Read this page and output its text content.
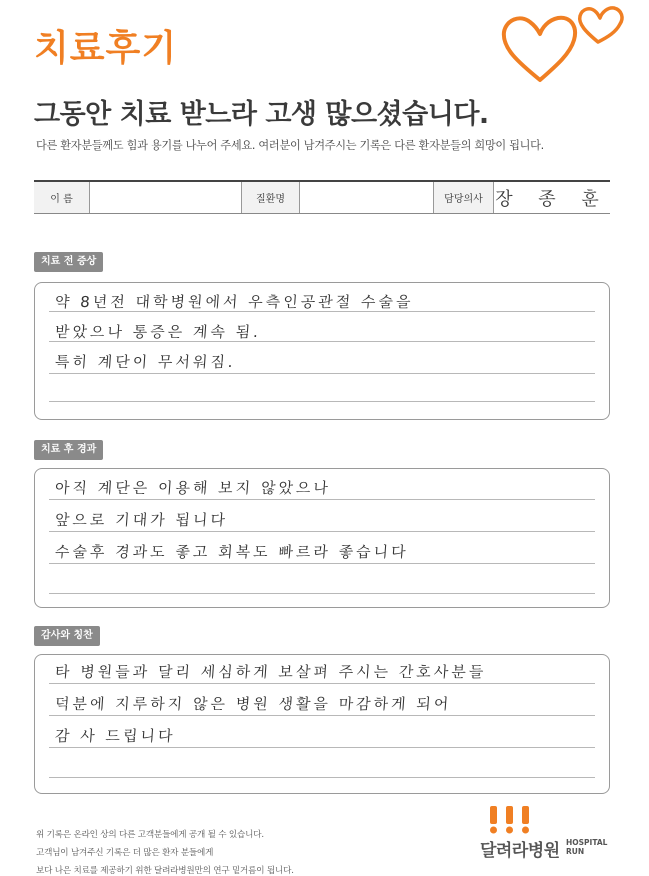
치료후기
그동안 치료 받느라 고생 많으셨습니다.
다른 환자분들께도 힘과 용기를 나누어 주세요. 여러분이 남겨주시는 기록은 다른 환자분들의 희망이 됩니다.
이 름	질환명	담당의사 장 종 훈
치료 전 증상
약 8년전 대학병원에서 우측인공관절 수술을
받았으나 통증은 계속 됨.
특히 계단이 무서워짐.
치료 후 경과
아직 계단은 이용해 보지 않았으나
앞으로 기대가 됩니다
수술후 경과도 좋고 회복도 빠르라 좋습니다
감사와 칭찬
타 병원들과 달리 세심하게 보살펴 주시는 간호사분들
덕분에 지루하지 않은 병원 생활을 마감하게 되어
감 사 드립니다
위 기록은 온라인 상의 다른 고객분들에게 공개 될 수 있습니다.
고객님이 남겨주신 기록은 더 많은 환자 분들에게
보다 나은 치료를 제공하기 위한 달려라병원만의 연구 밑거름이 됩니다.
달려라병원 HOSPITAL
RUN
